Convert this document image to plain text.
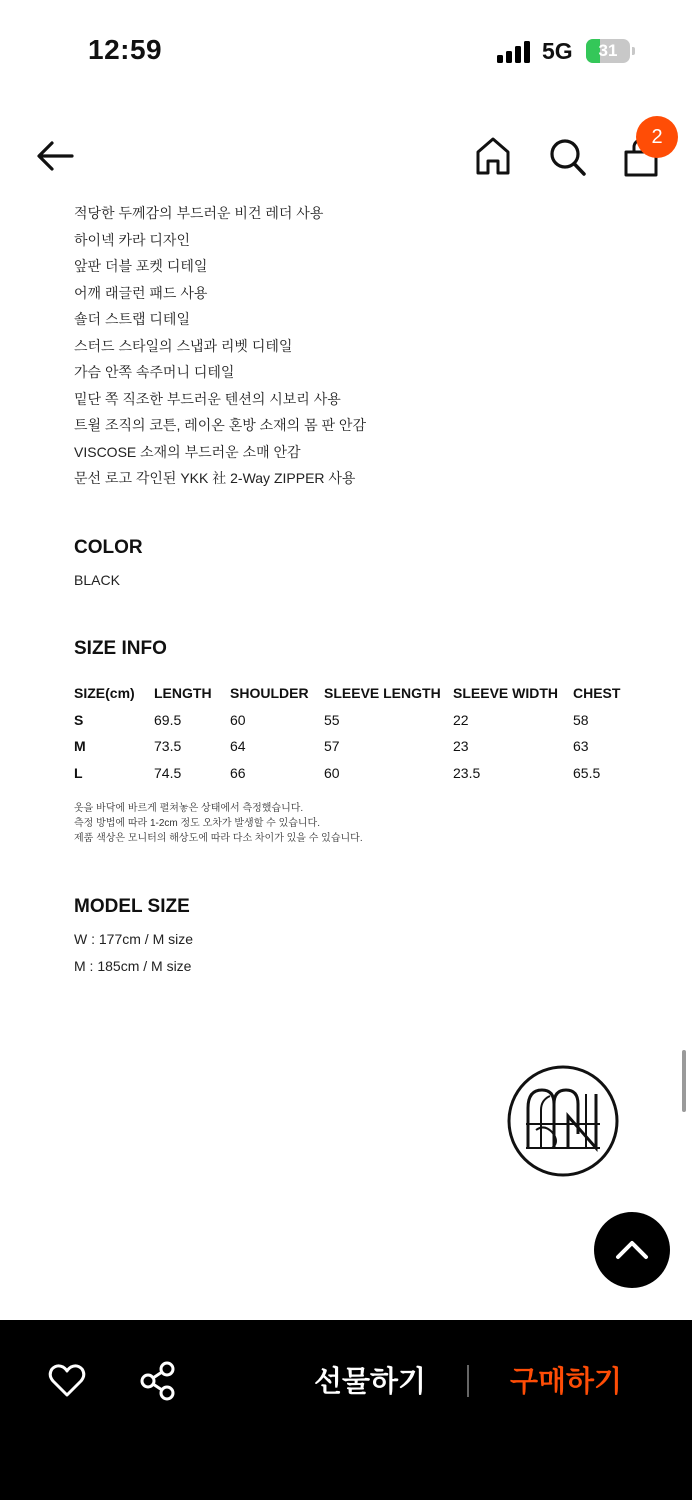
12:59	5G	31
2
적당한 두께감의 부드러운 비건 레더 사용
하이넥 카라 디자인
앞판 더블 포켓 디테일
어깨 래글런 패드 사용
숄더 스트랩 디테일
스터드 스타일의 스냅과 리벳 디테일
가슴 안쪽 속주머니 디테일
밑단 쪽 직조한 부드러운 텐션의 시보리 사용
트윌 조직의 코튼, 레이온 혼방 소재의 몸 판 안감
VISCOSE 소재의 부드러운 소매 안감
문선 로고 각인된 YKK 社 2-Way ZIPPER 사용
COLOR
BLACK
SIZE INFO
SIZE(cm)	LENGTH	SHOULDER	SLEEVE LENGTH	SLEEVE WIDTH	CHEST
S	69.5	60	55	22	58
M	73.5	64	57	23	63
L	74.5	66	60	23.5	65.5
옷을 바닥에 바르게 펼쳐놓은 상태에서 측정했습니다.
측정 방법에 따라 1-2cm 정도 오차가 발생할 수 있습니다.
제품 색상은 모니터의 해상도에 따라 다소 차이가 있을 수 있습니다.
MODEL SIZE
W : 177cm / M size
M : 185cm / M size
선물하기	구매하기
